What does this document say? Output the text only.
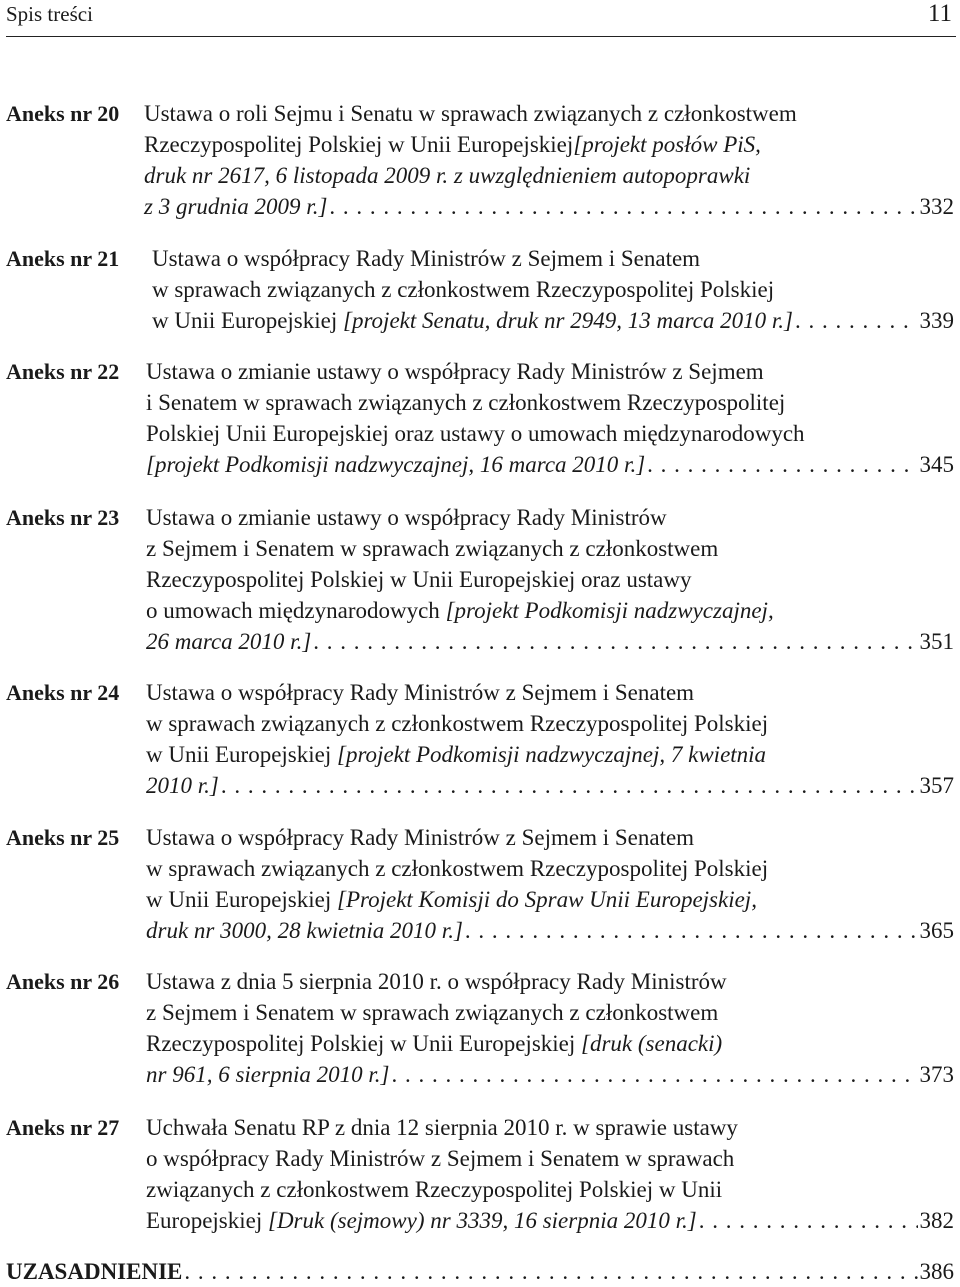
Spis treści	11
Aneks nr 20 Ustawa o roli Sejmu i Senatu w sprawach związanych z członkostwem
Rzeczypospolitej Polskiej w Unii Europejskiej [projekt posłów PiS,
druk nr 2617, 6 listopada 2009 r. z uwzględnieniem autopoprawki
z 3 grudnia 2009 r.] . . .	332
Aneks nr 21 Ustawa o współpracy Rady Ministrów z Sejmem i Senatem
w sprawach związanych z członkostwem Rzeczypospolitej Polskiej
w Unii Europejskiej
[projekt Senatu, druk nr 2949, 13 marca 2010 r.] . . .	339
Aneks nr 22 Ustawa o zmianie ustawy o współpracy Rady Ministrów z Sejmem
i Senatem w sprawach związanych z członkostwem Rzeczypospolitej
Polskiej Unii Europejskiej oraz ustawy o umowach międzynarodowych
[projekt Podkomisji nadzwyczajnej, 16 marca 2010 r.] . . .	345
Aneks nr 23 Ustawa o zmianie ustawy o współpracy Rady Ministrów
z Sejmem i Senatem w sprawach związanych z członkostwem
Rzeczypospolitej Polskiej w Unii Europejskiej oraz ustawy
o umowach międzynarodowych
[projekt Podkomisji nadzwyczajnej,
26 marca 2010 r.] . . .	351
Aneks nr 24 Ustawa o współpracy Rady Ministrów z Sejmem i Senatem
w sprawach związanych z członkostwem Rzeczypospolitej Polskiej
w Unii Europejskiej
[projekt Podkomisji nadzwyczajnej, 7 kwietnia
2010 r.] . . .	357
Aneks nr 25 Ustawa o współpracy Rady Ministrów z Sejmem i Senatem
w sprawach związanych z członkostwem Rzeczypospolitej Polskiej
w Unii Europejskiej
[Projekt Komisji do Spraw Unii Europejskiej,
druk nr 3000, 28 kwietnia 2010 r.] . . .	365
Aneks nr 26 Ustawa z dnia 5 sierpnia 2010 r. o współpracy Rady Ministrów
z Sejmem i Senatem w sprawach związanych z członkostwem
Rzeczypospolitej Polskiej w Unii Europejskiej
[druk (senacki)
nr 961, 6 sierpnia 2010 r.] . . .	373
Aneks nr 27 Uchwała Senatu RP z dnia 12 sierpnia 2010 r. w sprawie ustawy
o współpracy Rady Ministrów z Sejmem i Senatem w sprawach
związanych z członkostwem Rzeczypospolitej Polskiej w Unii
Europejskiej
[Druk (sejmowy) nr 3339, 16 sierpnia 2010 r.] . . .	382
UZASADNIENIE . . .	386
